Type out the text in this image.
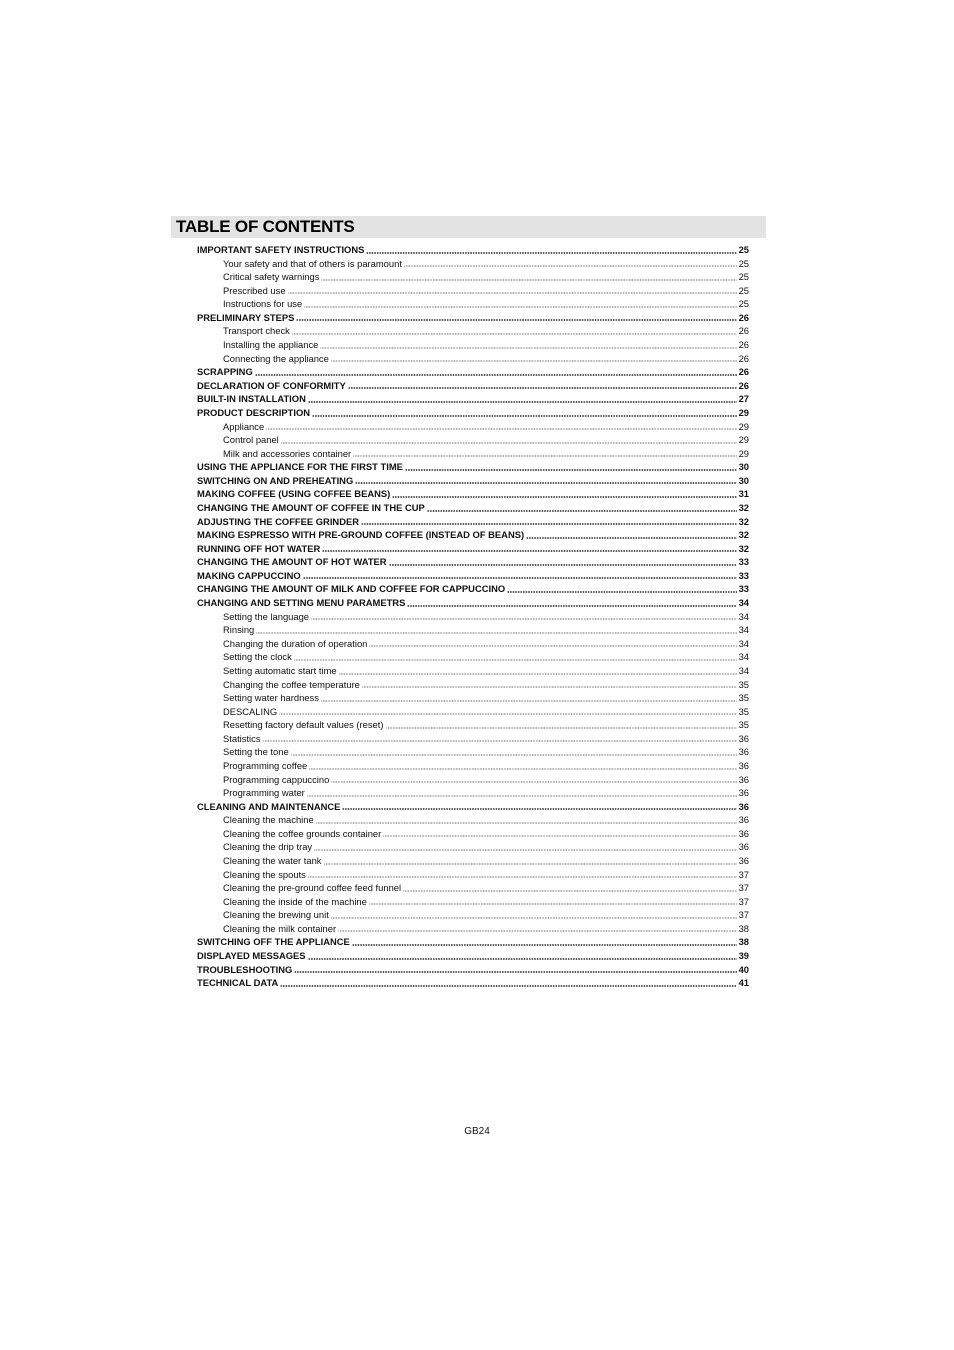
TABLE OF CONTENTS
IMPORTANT SAFETY INSTRUCTIONS	25
Your safety and that of others is paramount	25
Critical safety warnings	25
Prescribed use	25
Instructions for use	25
PRELIMINARY STEPS	26
Transport check	26
Installing the appliance	26
Connecting the appliance	26
SCRAPPING	26
DECLARATION OF CONFORMITY	26
BUILT-IN INSTALLATION	27
PRODUCT DESCRIPTION	29
Appliance	29
Control panel	29
Milk and accessories container	29
USING THE APPLIANCE FOR THE FIRST TIME	30
SWITCHING ON AND PREHEATING	30
MAKING COFFEE (USING COFFEE BEANS)	31
CHANGING THE AMOUNT OF COFFEE IN THE CUP	32
ADJUSTING THE COFFEE GRINDER	32
MAKING ESPRESSO WITH PRE-GROUND COFFEE (INSTEAD OF BEANS)	32
RUNNING OFF HOT WATER	32
CHANGING THE AMOUNT OF HOT WATER	33
MAKING CAPPUCCINO	33
CHANGING THE AMOUNT OF MILK AND COFFEE FOR CAPPUCCINO	33
CHANGING AND SETTING MENU PARAMETRS	34
Setting the language	34
Rinsing	34
Changing the duration of operation	34
Setting the clock	34
Setting automatic start time	34
Changing the coffee temperature	35
Setting water hardness	35
DESCALING	35
Resetting factory default values (reset)	35
Statistics	36
Setting the tone	36
Programming coffee	36
Programming cappuccino	36
Programming water	36
CLEANING AND MAINTENANCE	36
Cleaning the machine	36
Cleaning the coffee grounds container	36
Cleaning the drip tray	36
Cleaning the water tank	36
Cleaning the spouts	37
Cleaning the pre-ground coffee feed funnel	37
Cleaning the inside of the machine	37
Cleaning the brewing unit	37
Cleaning the milk container	38
SWITCHING OFF THE APPLIANCE	38
DISPLAYED MESSAGES	39
TROUBLESHOOTING	40
TECHNICAL DATA	41
GB24
